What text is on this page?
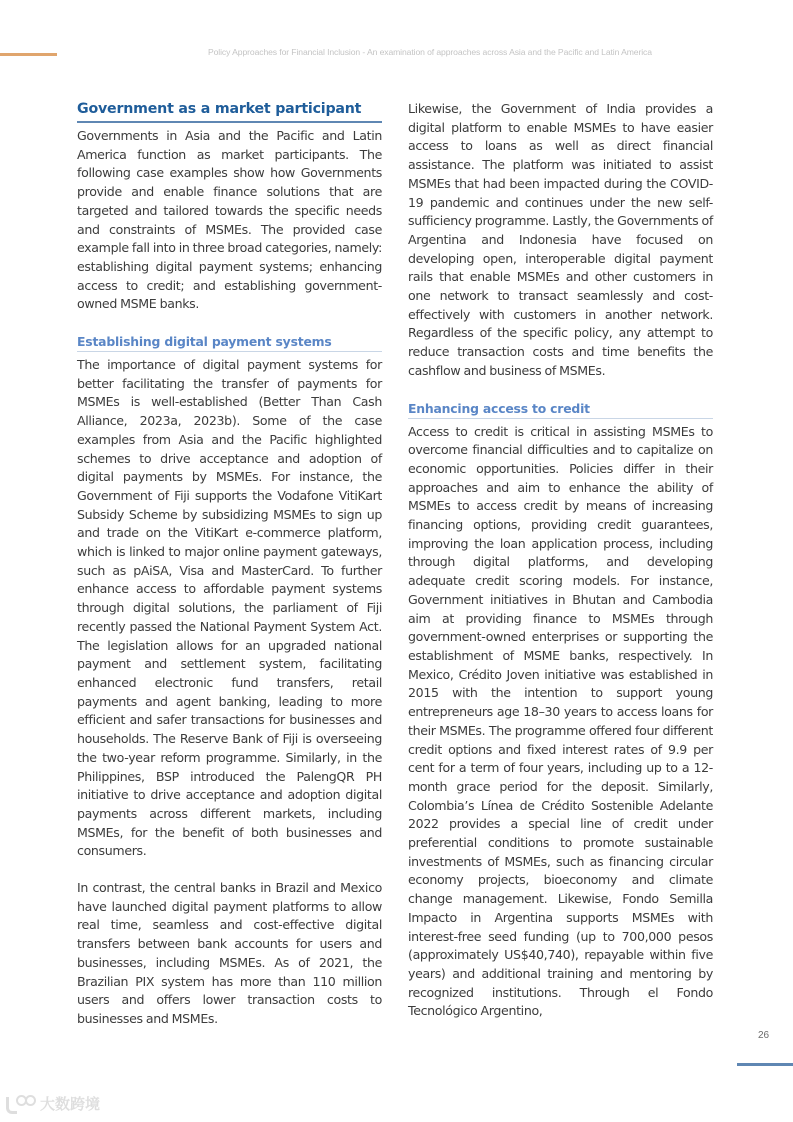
Policy Approaches for Financial Inclusion - An examination of approaches across Asia and the Pacific and Latin America
Government as a market participant

Governments in Asia and the Pacific and Latin America function as market participants. The following case examples show how Governments provide and enable finance solutions that are targeted and tailored towards the specific needs and constraints of MSMEs. The provided case example fall into in three broad categories, namely: establishing digital payment systems; enhancing access to credit; and establishing government-owned MSME banks.

Establishing digital payment systems

The importance of digital payment systems for better facilitating the transfer of payments for MSMEs is well-established (Better Than Cash Alliance, 2023a, 2023b). Some of the case examples from Asia and the Pacific highlighted schemes to drive acceptance and adoption of digital payments by MSMEs. For instance, the Government of Fiji supports the Vodafone VitiKart Subsidy Scheme by subsidizing MSMEs to sign up and trade on the VitiKart e-commerce platform, which is linked to major online payment gateways, such as pAiSA, Visa and MasterCard. To further enhance access to affordable payment systems through digital solutions, the parliament of Fiji recently passed the National Payment System Act. The legislation allows for an upgraded national payment and settlement system, facilitating enhanced electronic fund transfers, retail payments and agent banking, leading to more efficient and safer transactions for businesses and households. The Reserve Bank of Fiji is overseeing the two-year reform programme. Similarly, in the Philippines, BSP introduced the PalengQR PH initiative to drive acceptance and adoption digital payments across different markets, including MSMEs, for the benefit of both businesses and consumers.

In contrast, the central banks in Brazil and Mexico have launched digital payment platforms to allow real time, seamless and cost-effective digital transfers between bank accounts for users and businesses, including MSMEs. As of 2021, the Brazilian PIX system has more than 110 million users and offers lower transaction costs to businesses and MSMEs.

Likewise, the Government of India provides a digital platform to enable MSMEs to have easier access to loans as well as direct financial assistance. The platform was initiated to assist MSMEs that had been impacted during the COVID-19 pandemic and continues under the new self-sufficiency programme. Lastly, the Governments of Argentina and Indonesia have focused on developing open, interoperable digital payment rails that enable MSMEs and other customers in one network to transact seamlessly and cost-effectively with customers in another network. Regardless of the specific policy, any attempt to reduce transaction costs and time benefits the cashflow and business of MSMEs.

Enhancing access to credit

Access to credit is critical in assisting MSMEs to overcome financial difficulties and to capitalize on economic opportunities. Policies differ in their approaches and aim to enhance the ability of MSMEs to access credit by means of increasing financing options, providing credit guarantees, improving the loan application process, including through digital platforms, and developing adequate credit scoring models. For instance, Government initiatives in Bhutan and Cambodia aim at providing finance to MSMEs through government-owned enterprises or supporting the establishment of MSME banks, respectively. In Mexico, Crédito Joven initiative was established in 2015 with the intention to support young entrepreneurs age 18–30 years to access loans for their MSMEs. The programme offered four different credit options and fixed interest rates of 9.9 per cent for a term of four years, including up to a 12-month grace period for the deposit. Similarly, Colombia’s Línea de Crédito Sostenible Adelante 2022 provides a special line of credit under preferential conditions to promote sustainable investments of MSMEs, such as financing circular economy projects, bioeconomy and climate change management. Likewise, Fondo Semilla Impacto in Argentina supports MSMEs with interest-free seed funding (up to 700,000 pesos (approximately US$40,740), repayable within five years) and additional training and mentoring by recognized institutions. Through el Fondo Tecnológico Argentino,

26
大数跨境
